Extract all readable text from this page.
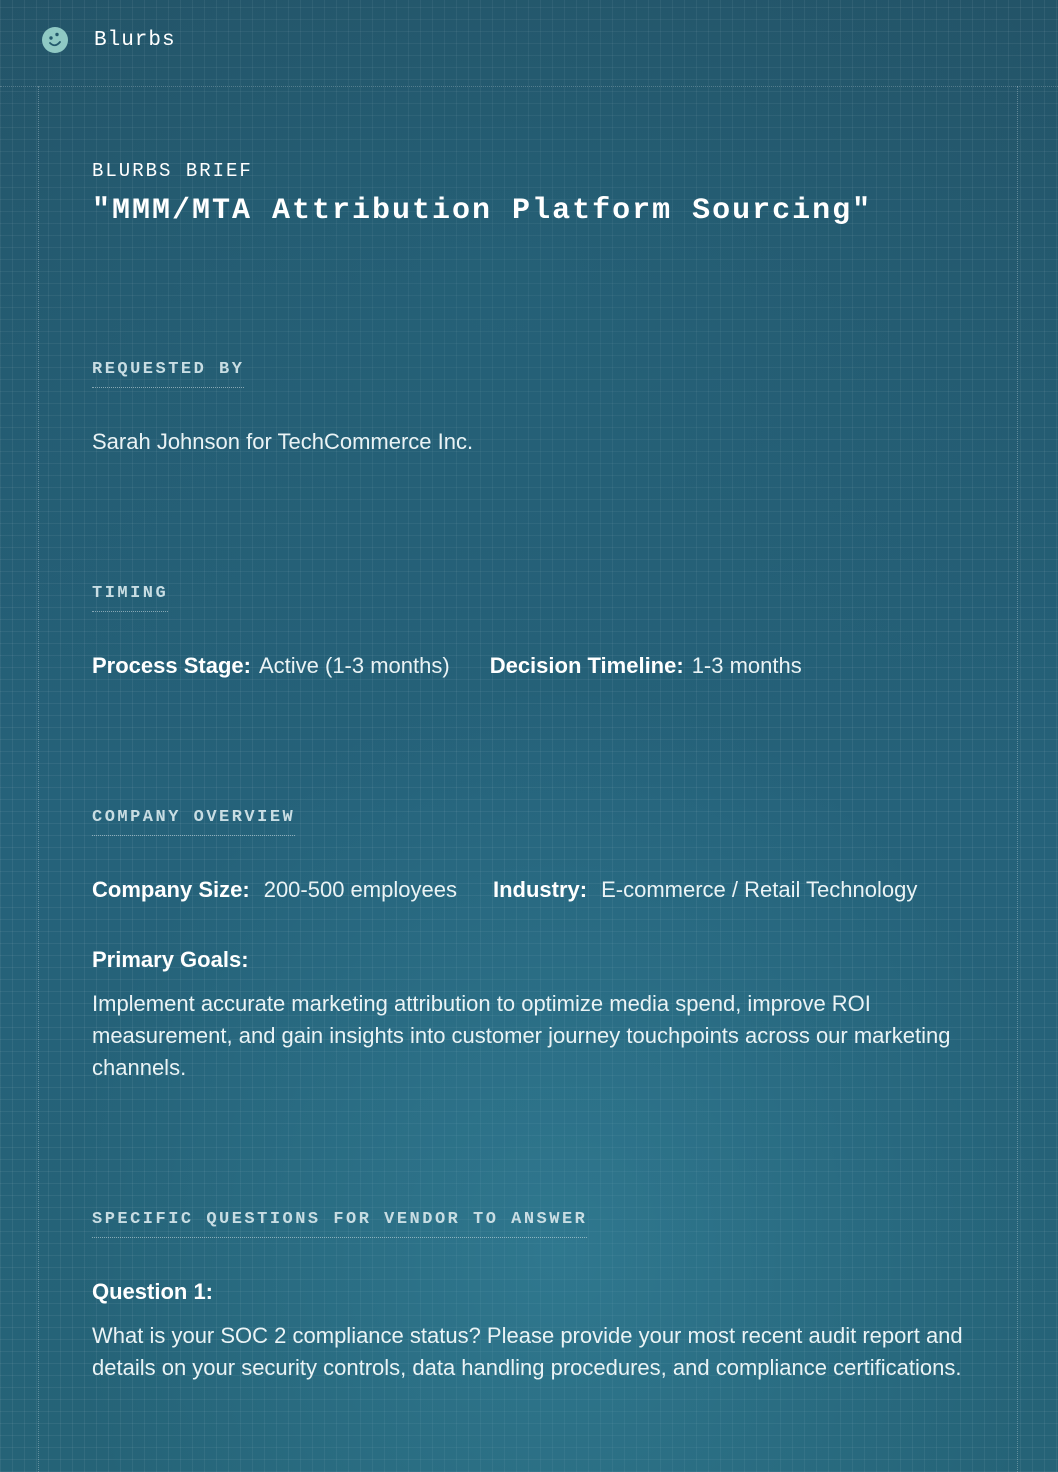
Blurbs

BLURBS BRIEF

"MMM/MTA Attribution Platform Sourcing"
REQUESTED BY
Sarah Johnson for TechCommerce Inc.
TIMING
Process Stage: Active (1-3 months) Decision Timeline: 1-3 months
COMPANY OVERVIEW
Company Size: 200-500 employees Industry: E-commerce / Retail Technology
Primary Goals:
Implement accurate marketing attribution to optimize media spend, improve ROI measurement, and gain insights into customer journey touchpoints across our marketing channels.
SPECIFIC QUESTIONS FOR VENDOR TO ANSWER
Question 1:
What is your SOC 2 compliance status? Please provide your most recent audit report and details on your security controls, data handling procedures, and compliance certifications.
